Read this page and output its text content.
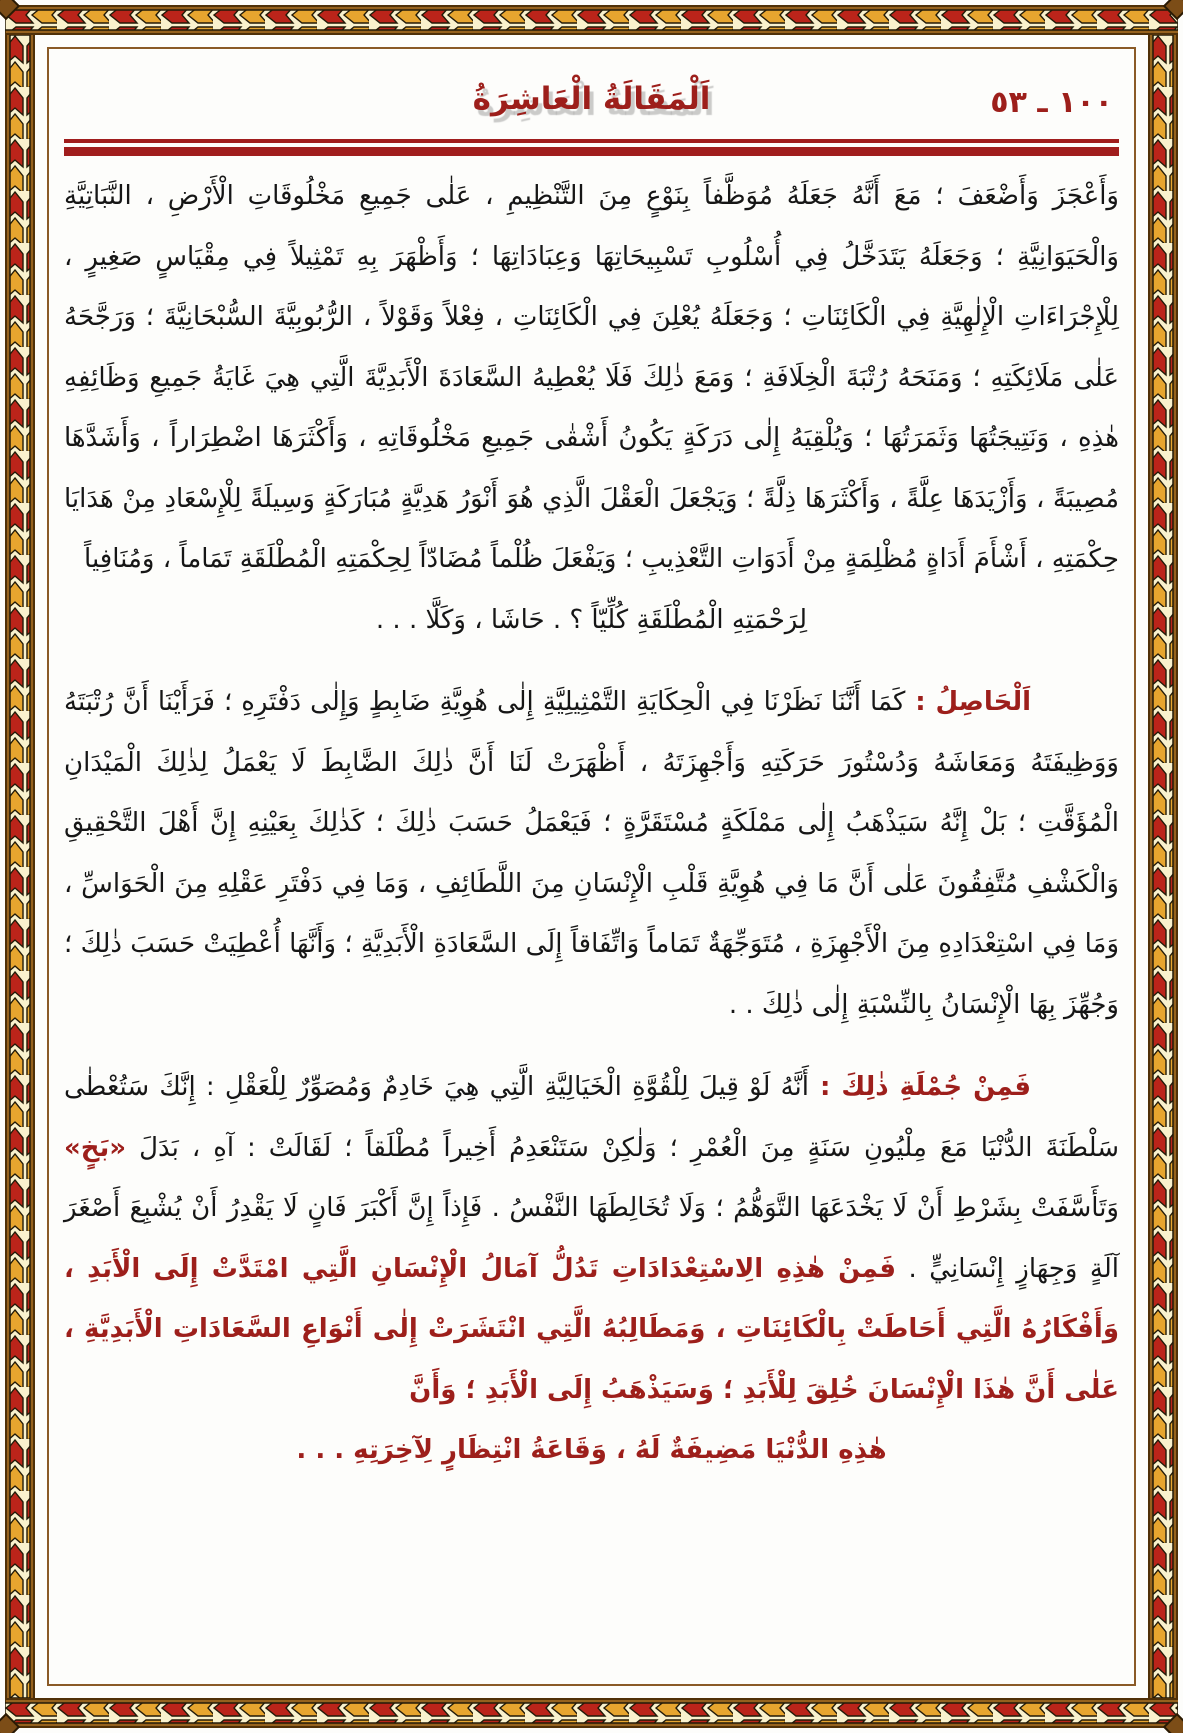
اَلْمَقَالَةُ الْعَاشِرَةُ	١٠٠ ـ ٥٣
وَأَعْجَزَ وَأَضْعَفَ ؛ مَعَ أَنَّهُ جَعَلَهُ مُوَظَّفاً بِنَوْعٍ مِنَ التَّنْظِيمِ ، عَلٰى جَمِيعِ مَخْلُوقَاتِ الْأَرْضِ ، النَّبَاتِيَّةِ وَالْحَيَوَانِيَّةِ ؛ وَجَعَلَهُ يَتَدَخَّلُ فِي أُسْلُوبِ تَسْبِيحَاتِهَا وَعِبَادَاتِهَا ؛ وَأَظْهَرَ بِهِ تَمْثِيلاً فِي مِقْيَاسٍ صَغِيرٍ ، لِلْإِجْرَاءَاتِ الْإِلٰهِيَّةِ فِي الْكَائِنَاتِ ؛ وَجَعَلَهُ يُعْلِنَ فِي الْكَائِنَاتِ ، فِعْلاً وَقَوْلاً ، الرُّبُوبِيَّةَ السُّبْحَانِيَّةَ ؛ وَرَجَّحَهُ عَلٰى مَلَائِكَتِهِ ؛ وَمَنَحَهُ رُتْبَةَ الْخِلَافَةِ ؛ وَمَعَ ذٰلِكَ فَلَا يُعْطِيهُ السَّعَادَةَ الْأَبَدِيَّةَ الَّتِي هِيَ غَايَةُ جَمِيعِ وَظَائِفِهِ هٰذِهِ ، وَنَتِيجَتُهَا وَثَمَرَتُهَا ؛ وَيُلْقِيَهُ إِلٰى دَرَكَةٍ يَكُونُ أَشْقٰى جَمِيعِ مَخْلُوقَاتِهِ ، وَأَكْثَرَهَا اضْطِرَاراً ، وَأَشَدَّهَا مُصِيبَةً ، وَأَزْيَدَهَا عِلَّةً ، وَأَكْثَرَهَا ذِلَّةً ؛ وَيَجْعَلَ الْعَقْلَ الَّذِي هُوَ أَنْوَرُ هَدِيَّةٍ مُبَارَكَةٍ وَسِيلَةً لِلْإِسْعَادِ مِنْ هَدَايَا حِكْمَتِهِ ، أَشْأَمَ أَدَاةٍ مُظْلِمَةٍ مِنْ أَدَوَاتِ التَّعْذِيبِ ؛ وَيَفْعَلَ ظُلْماً مُضَادّاً لِحِكْمَتِهِ الْمُطْلَقَةِ تَمَاماً ، وَمُنَافِياً
لِرَحْمَتِهِ الْمُطْلَقَةِ كُلِّيّاً ؟ . حَاشَا ، وَكَلَّا . . .
اَلْحَاصِلُ : كَمَا أَنَّنَا نَظَرْنَا فِي الْحِكَايَةِ التَّمْثِيلِيَّةِ إِلٰى هُوِيَّةِ ضَابِطٍ وَإِلٰى دَفْتَرِهِ ؛ فَرَأَيْنَا أَنَّ رُتْبَتَهُ وَوَظِيفَتَهُ وَمَعَاشَهُ وَدُسْتُورَ حَرَكَتِهِ وَأَجْهِزَتَهُ ، أَظْهَرَتْ لَنَا أَنَّ ذٰلِكَ الضَّابِطَ لَا يَعْمَلُ لِذٰلِكَ الْمَيْدَانِ الْمُؤَقَّتِ ؛ بَلْ إِنَّهُ سَيَذْهَبُ إِلٰى مَمْلَكَةٍ مُسْتَقَرَّةٍ ؛ فَيَعْمَلُ حَسَبَ ذٰلِكَ ؛ كَذٰلِكَ بِعَيْنِهِ إِنَّ أَهْلَ التَّحْقِيقِ وَالْكَشْفِ مُتَّفِقُونَ عَلٰى أَنَّ مَا فِي هُوِيَّةِ قَلْبِ الْإِنْسَانِ مِنَ اللَّطَائِفِ ، وَمَا فِي دَفْتَرِ عَقْلِهِ مِنَ الْحَوَاسِّ ، وَمَا فِي اسْتِعْدَادِهِ مِنَ الْأَجْهِزَةِ ، مُتَوَجِّهَةٌ تَمَاماً وَاتِّفَاقاً إِلَى السَّعَادَةِ الْأَبَدِيَّةِ ؛ وَأَنَّهَا أُعْطِيَتْ حَسَبَ ذٰلِكَ ؛ وَجُهِّزَ بِهَا الْإِنْسَانُ بِالنِّسْبَةِ إِلٰى ذٰلِكَ . .
فَمِنْ جُمْلَةِ ذٰلِكَ : أَنَّهُ لَوْ قِيلَ لِلْقُوَّةِ الْخَيَالِيَّةِ الَّتِي هِيَ خَادِمٌ وَمُصَوِّرٌ لِلْعَقْلِ : إِنَّكَ سَتُعْطٰى سَلْطَنَةَ الدُّنْيَا مَعَ مِلْيُونِ سَنَةٍ مِنَ الْعُمْرِ ؛ وَلٰكِنْ سَتَنْعَدِمُ أَخِيراً مُطْلَقاً ؛ لَقَالَتْ : آهِ ، بَدَلَ «بَخٍ» وَتَأَسَّفَتْ بِشَرْطِ أَنْ لَا يَخْدَعَهَا التَّوَهُّمُ ؛ وَلَا تُخَالِطَهَا النَّفْسُ . فَإِذاً إِنَّ أَكْبَرَ فَانٍ لَا يَقْدِرُ أَنْ يُشْبِعَ أَصْغَرَ آلَةٍ وَجِهَازٍ إِنْسَانِيٍّ . فَمِنْ هٰذِهِ الِاسْتِعْدَادَاتِ تَدُلُّ آمَالُ الْإِنْسَانِ الَّتِي امْتَدَّتْ إِلَى الْأَبَدِ ، وَأَفْكَارُهُ الَّتِي أَحَاطَتْ بِالْكَائِنَاتِ ، وَمَطَالِبُهُ الَّتِي انْتَشَرَتْ إِلٰى أَنْوَاعِ السَّعَادَاتِ الْأَبَدِيَّةِ ، عَلٰى أَنَّ هٰذَا الْإِنْسَانَ خُلِقَ لِلْأَبَدِ ؛ وَسَيَذْهَبُ إِلَى الْأَبَدِ ؛ وَأَنَّ
هٰذِهِ الدُّنْيَا مَضِيفَةٌ لَهُ ، وَقَاعَةُ انْتِظَارٍ لِآخِرَتِهِ . . .
